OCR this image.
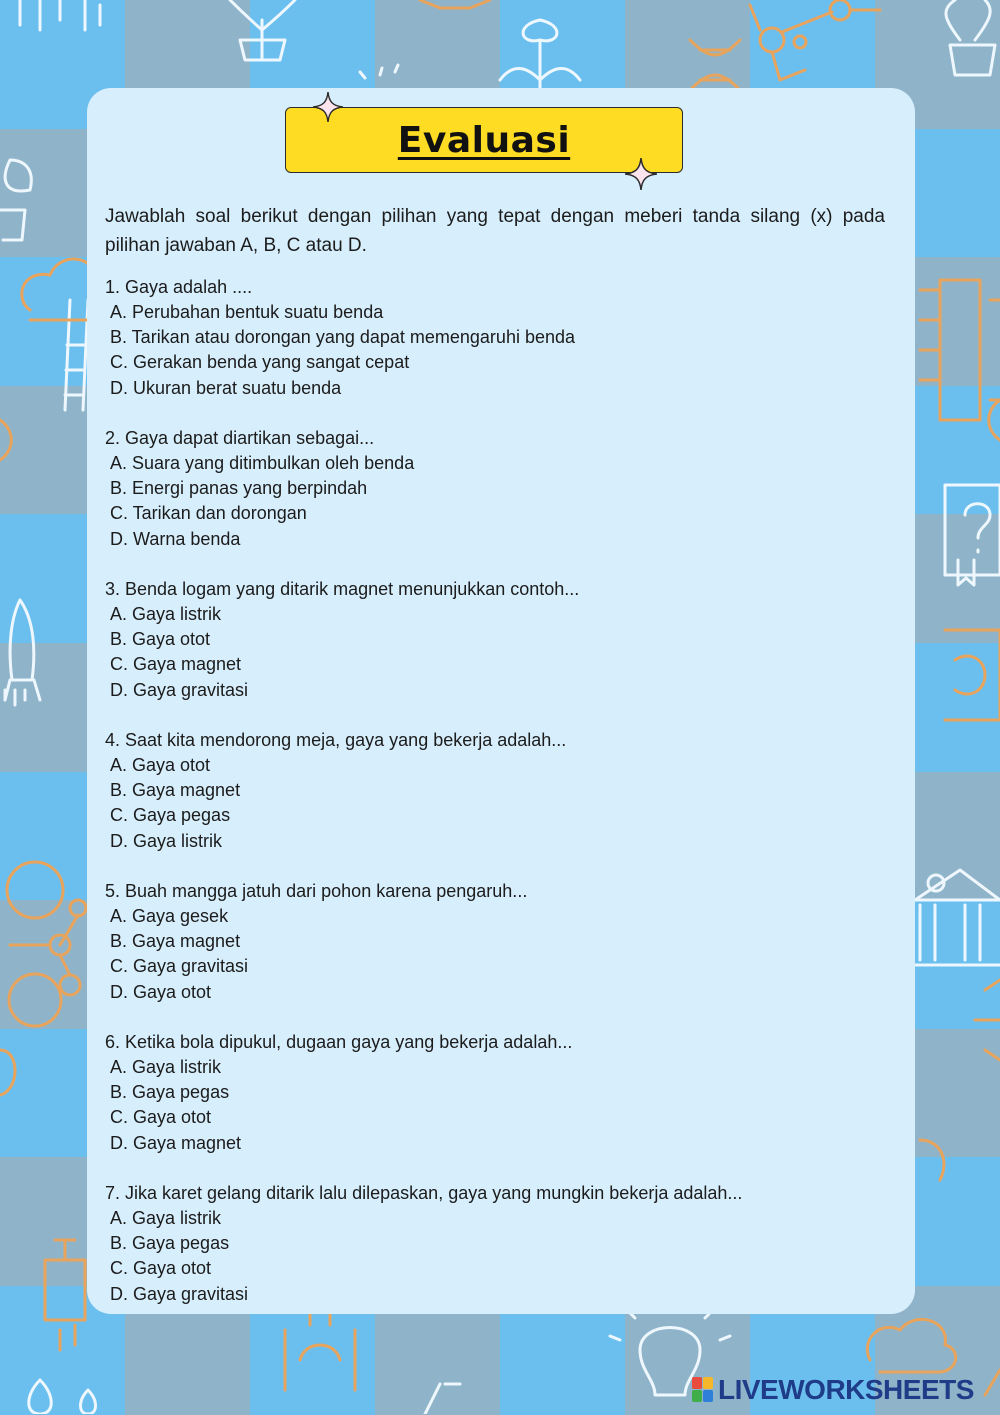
Evaluasi
Jawablah soal berikut dengan pilihan yang tepat dengan meberi tanda silang (x) pada pilihan jawaban A, B, C atau D.
1. Gaya adalah ....
A. Perubahan bentuk suatu benda
B. Tarikan atau dorongan yang dapat memengaruhi benda
C. Gerakan benda yang sangat cepat
D. Ukuran berat suatu benda
2. Gaya dapat diartikan sebagai...
A. Suara yang ditimbulkan oleh benda
B. Energi panas yang berpindah
C. Tarikan dan dorongan
D. Warna benda
3. Benda logam yang ditarik magnet menunjukkan contoh...
A. Gaya listrik
B. Gaya otot
C. Gaya magnet
D. Gaya gravitasi
4. Saat kita mendorong meja, gaya yang bekerja adalah...
A. Gaya otot
B. Gaya magnet
C. Gaya pegas
D. Gaya listrik
5. Buah mangga jatuh dari pohon karena pengaruh...
A. Gaya gesek
B. Gaya magnet
C. Gaya gravitasi
D. Gaya otot
6. Ketika bola dipukul, dugaan gaya yang bekerja adalah...
A. Gaya listrik
B. Gaya pegas
C. Gaya otot
D. Gaya magnet
7. Jika karet gelang ditarik lalu dilepaskan, gaya yang mungkin bekerja adalah...
A. Gaya listrik
B. Gaya pegas
C. Gaya otot
D. Gaya gravitasi
LIVEWORKSHEETS
